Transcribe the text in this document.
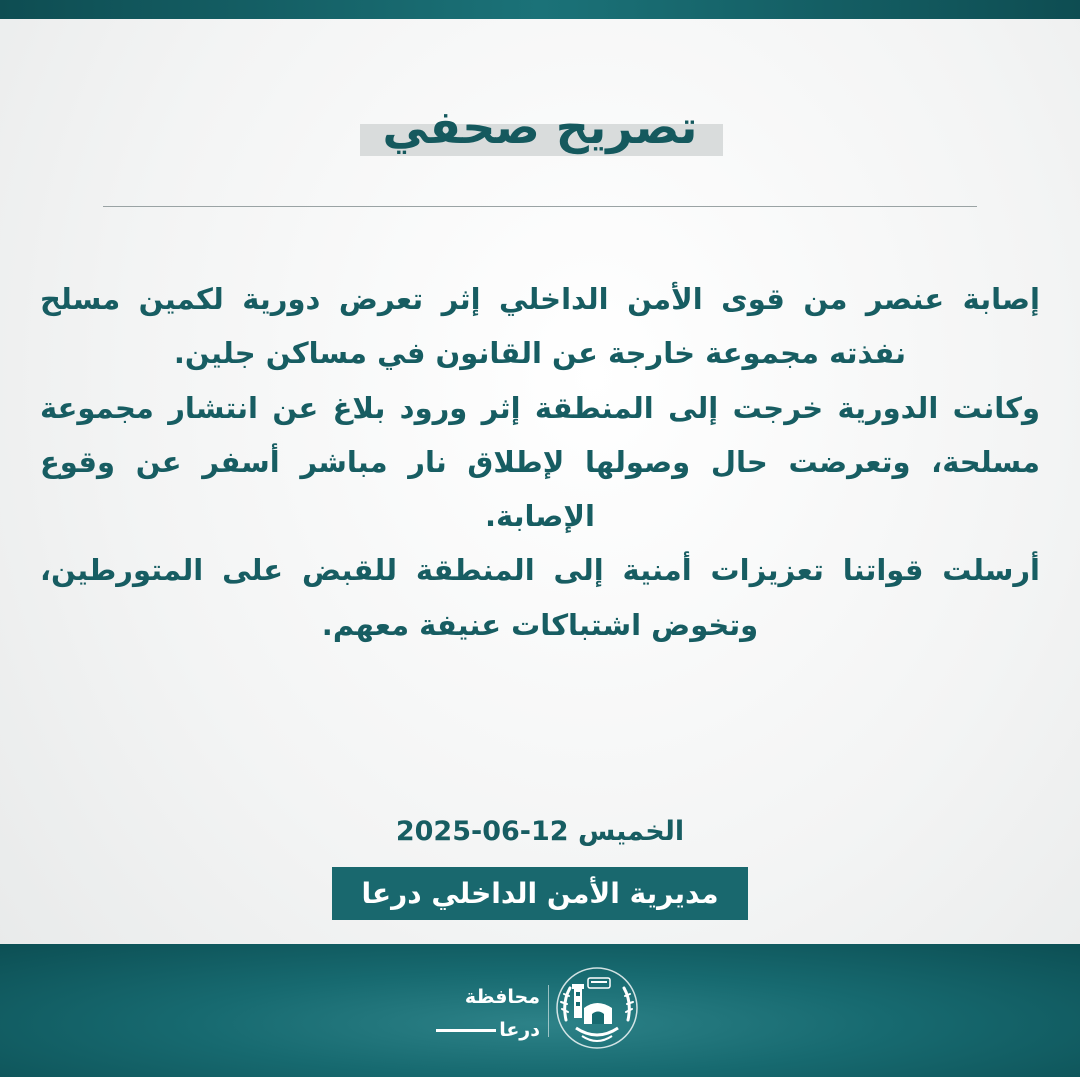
تصريح صحفي
إصابة عنصر من قوى الأمن الداخلي إثر تعرض دورية لكمين مسلح نفذته مجموعة خارجة عن القانون في مساكن جلين.
وكانت الدورية خرجت إلى المنطقة إثر ورود بلاغ عن انتشار مجموعة مسلحة، وتعرضت حال وصولها لإطلاق نار مباشر أسفر عن وقوع الإصابة.
أرسلت قواتنا تعزيزات أمنية إلى المنطقة للقبض على المتورطين، وتخوض اشتباكات عنيفة معهم.
الخميس 12-06-2025
مديرية الأمن الداخلي درعا
محافظة
درعا
